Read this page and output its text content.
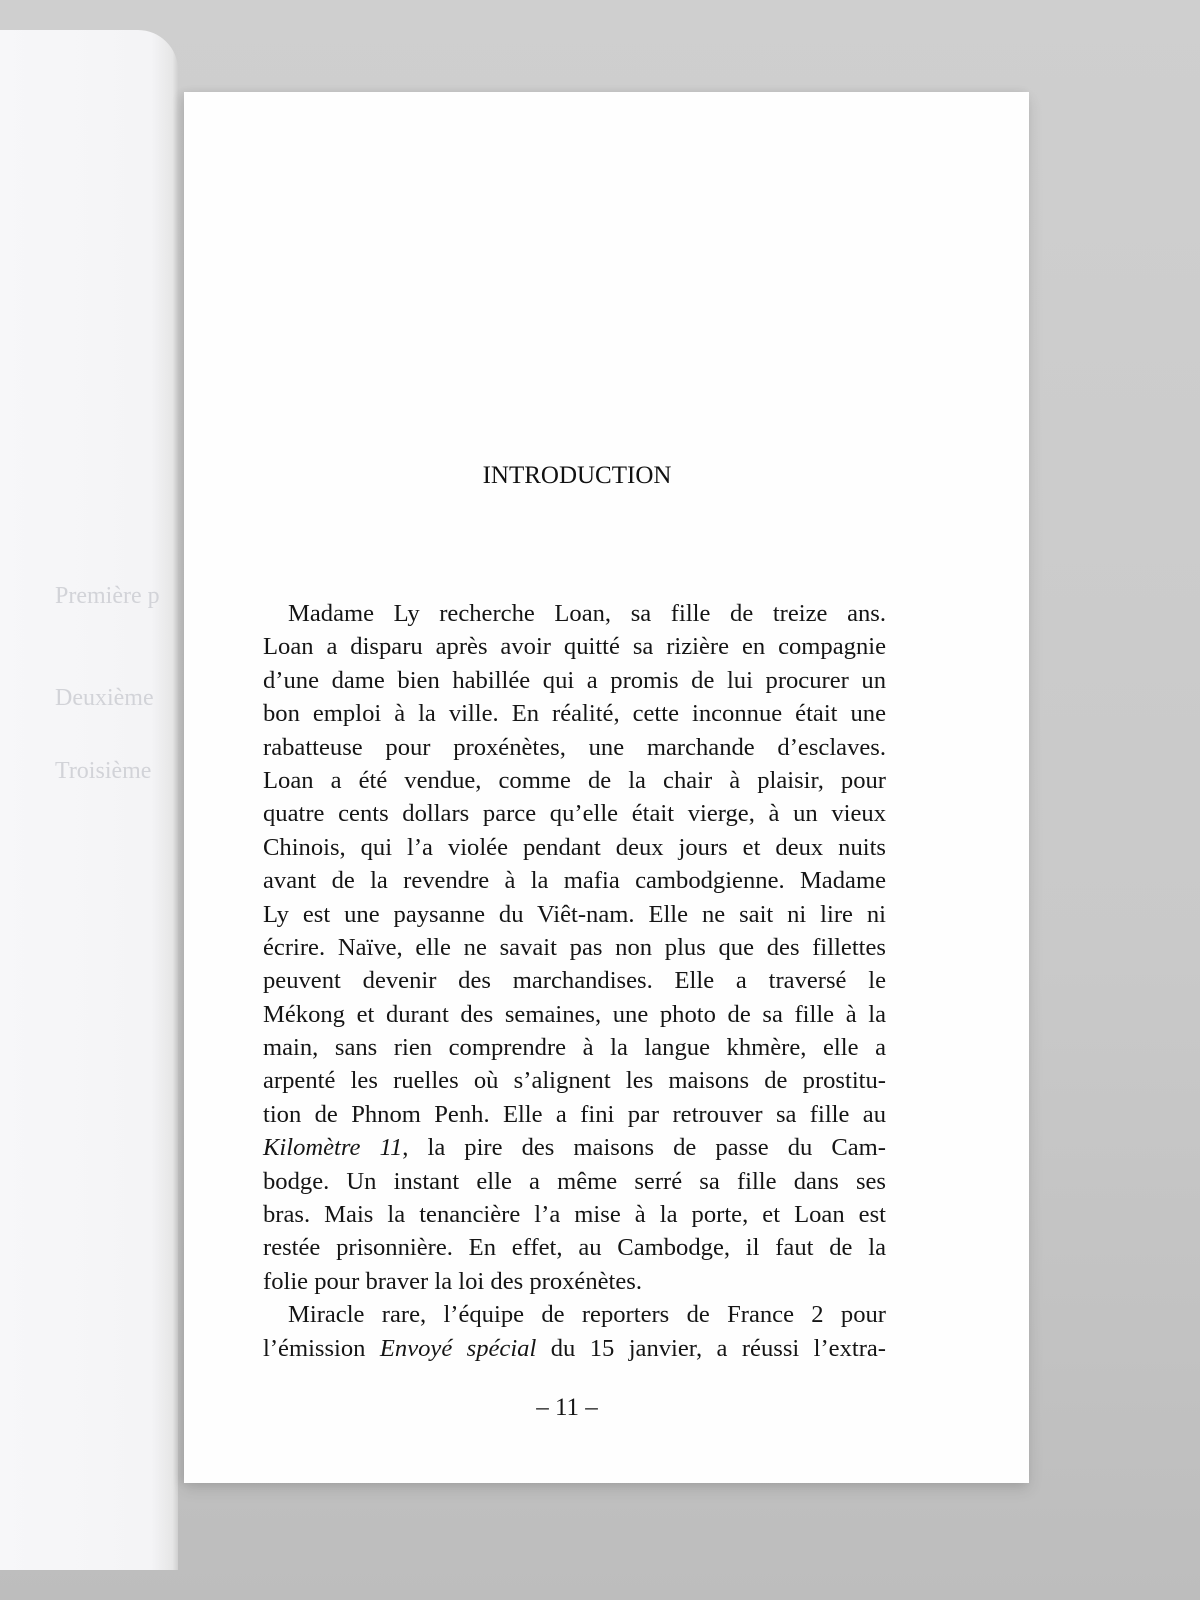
Première p
Deuxième
Troisième
INTRODUCTION
Madame Ly recherche Loan, sa fille de treize ans.
Loan a disparu après avoir quitté sa rizière en compagnie
d’une dame bien habillée qui a promis de lui procurer un
bon emploi à la ville. En réalité, cette inconnue était une
rabatteuse pour proxénètes, une marchande d’esclaves.
Loan a été vendue, comme de la chair à plaisir, pour
quatre cents dollars parce qu’elle était vierge, à un vieux
Chinois, qui l’a violée pendant deux jours et deux nuits
avant de la revendre à la mafia cambodgienne. Madame
Ly est une paysanne du Viêt-nam. Elle ne sait ni lire ni
écrire. Naïve, elle ne savait pas non plus que des fillettes
peuvent devenir des marchandises. Elle a traversé le
Mékong et durant des semaines, une photo de sa fille à la
main, sans rien comprendre à la langue khmère, elle a
arpenté les ruelles où s’alignent les maisons de prostitu-
tion de Phnom Penh. Elle a fini par retrouver sa fille au
Kilomètre 11, la pire des maisons de passe du Cam-
bodge. Un instant elle a même serré sa fille dans ses
bras. Mais la tenancière l’a mise à la porte, et Loan est
restée prisonnière. En effet, au Cambodge, il faut de la
folie pour braver la loi des proxénètes.
Miracle rare, l’équipe de reporters de France 2 pour
l’émission Envoyé spécial du 15 janvier, a réussi l’extra-
– 11 –
